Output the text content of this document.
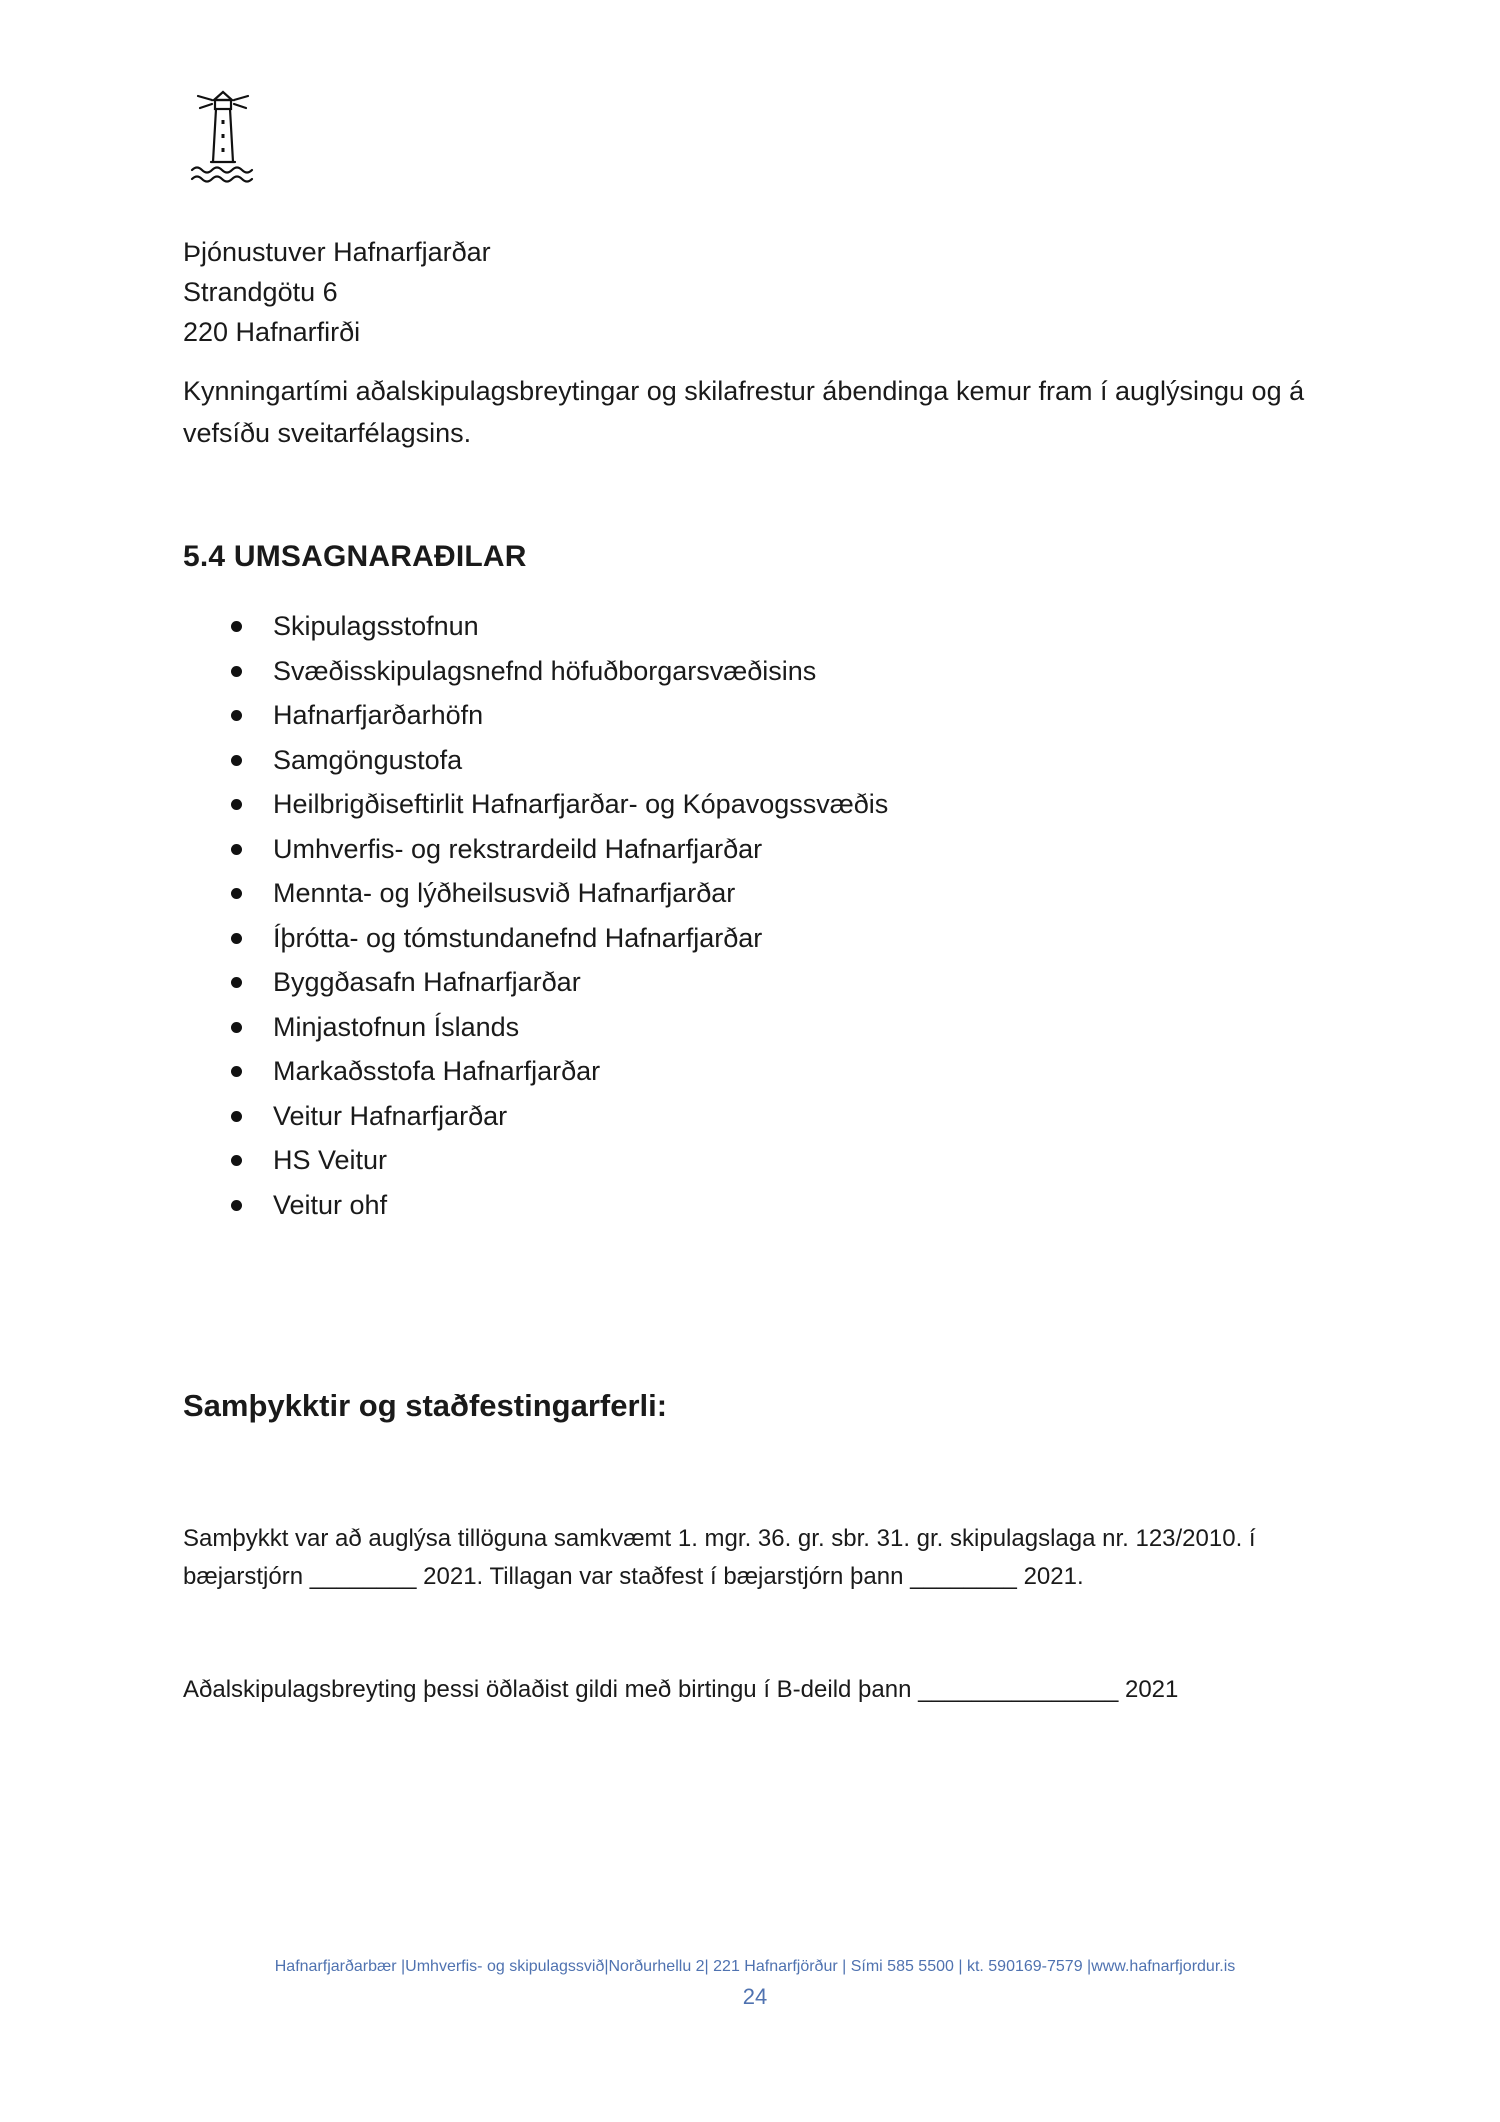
Þjónustuver Hafnarfjarðar
Strandgötu 6
220 Hafnarfirði
Kynningartími aðalskipulagsbreytingar og skilafrestur ábendinga kemur fram í auglýsingu og á vefsíðu sveitarfélagsins.
5.4 UMSAGNARAÐILAR
Skipulagsstofnun
Svæðisskipulagsnefnd höfuðborgarsvæðisins
Hafnarfjarðarhöfn
Samgöngustofa
Heilbrigðiseftirlit Hafnarfjarðar- og Kópavogssvæðis
Umhverfis- og rekstrardeild Hafnarfjarðar
Mennta- og lýðheilsusvið Hafnarfjarðar
Íþrótta- og tómstundanefnd Hafnarfjarðar
Byggðasafn Hafnarfjarðar
Minjastofnun Íslands
Markaðsstofa Hafnarfjarðar
Veitur Hafnarfjarðar
HS Veitur
Veitur ohf
Samþykktir og staðfestingarferli:
Samþykkt var að auglýsa tillöguna samkvæmt 1. mgr. 36. gr. sbr. 31. gr. skipulagslaga nr. 123/2010. í bæjarstjórn ________ 2021. Tillagan var staðfest í bæjarstjórn þann ________ 2021.
Aðalskipulagsbreyting þessi öðlaðist gildi með birtingu í B-deild þann _______________ 2021
Hafnarfjarðarbær |Umhverfis- og skipulagssvið|Norðurhellu 2| 221 Hafnarfjörður | Sími 585 5500 | kt. 590169-7579 |www.hafnarfjordur.is
24
